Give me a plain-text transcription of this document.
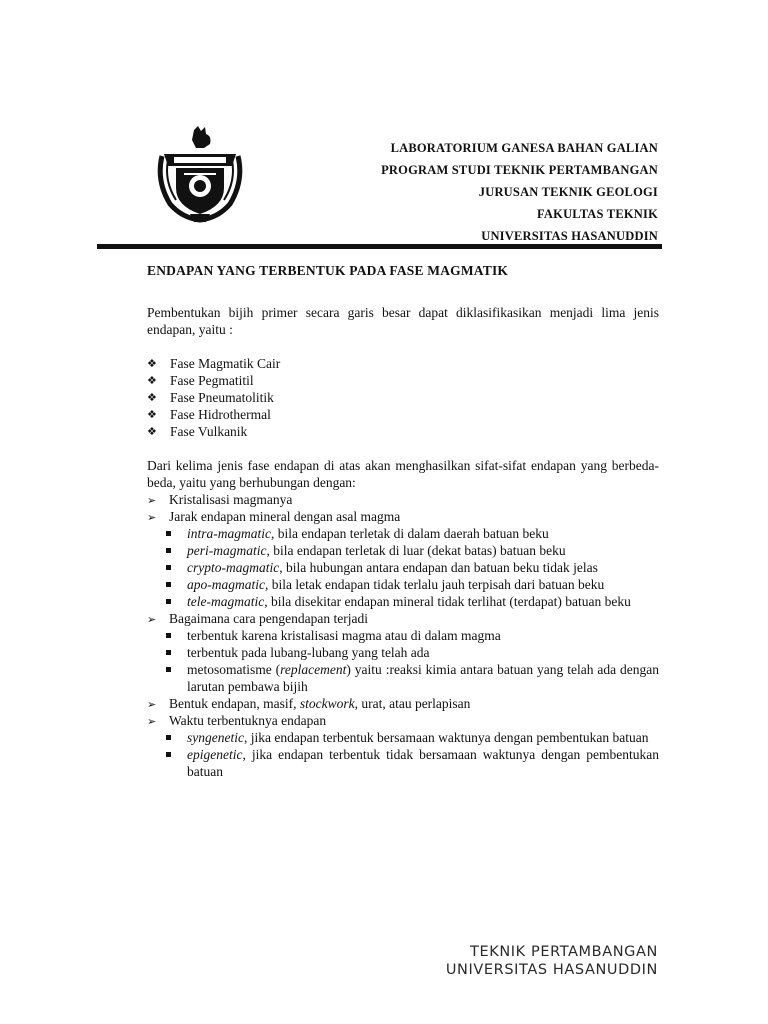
LABORATORIUM GANESA BAHAN GALIAN
PROGRAM STUDI TEKNIK PERTAMBANGAN
JURUSAN TEKNIK GEOLOGI
FAKULTAS TEKNIK
UNIVERSITAS HASANUDDIN
ENDAPAN YANG TERBENTUK PADA FASE MAGMATIK

Pembentukan bijih primer secara garis besar dapat diklasifikasikan menjadi lima jenis endapan, yaitu :

❖ Fase Magmatik Cair
❖ Fase Pegmatitil
❖ Fase Pneumatolitik
❖ Fase Hidrothermal
❖ Fase Vulkanik

Dari kelima jenis fase endapan di atas akan menghasilkan sifat-sifat endapan yang berbeda-beda, yaitu yang berhubungan dengan:

➢ Kristalisasi magmanya
➢ Jarak endapan mineral dengan asal magma
intra-magmatic, bila endapan terletak di dalam daerah batuan beku
peri-magmatic, bila endapan terletak di luar (dekat batas) batuan beku
crypto-magmatic, bila hubungan antara endapan dan batuan beku tidak jelas
apo-magmatic, bila letak endapan tidak terlalu jauh terpisah dari batuan beku
tele-magmatic, bila disekitar endapan mineral tidak terlihat (terdapat) batuan beku
➢ Bagaimana cara pengendapan terjadi
terbentuk karena kristalisasi magma atau di dalam magma
terbentuk pada lubang-lubang yang telah ada
metosomatisme (replacement) yaitu :reaksi kimia antara batuan yang telah ada dengan larutan pembawa bijih
➢ Bentuk endapan, masif, stockwork, urat, atau perlapisan
➢ Waktu terbentuknya endapan
syngenetic, jika endapan terbentuk bersamaan waktunya dengan pembentukan batuan
epigenetic, jika endapan terbentuk tidak bersamaan waktunya dengan pembentukan batuan
TEKNIK PERTAMBANGAN
UNIVERSITAS HASANUDDIN
